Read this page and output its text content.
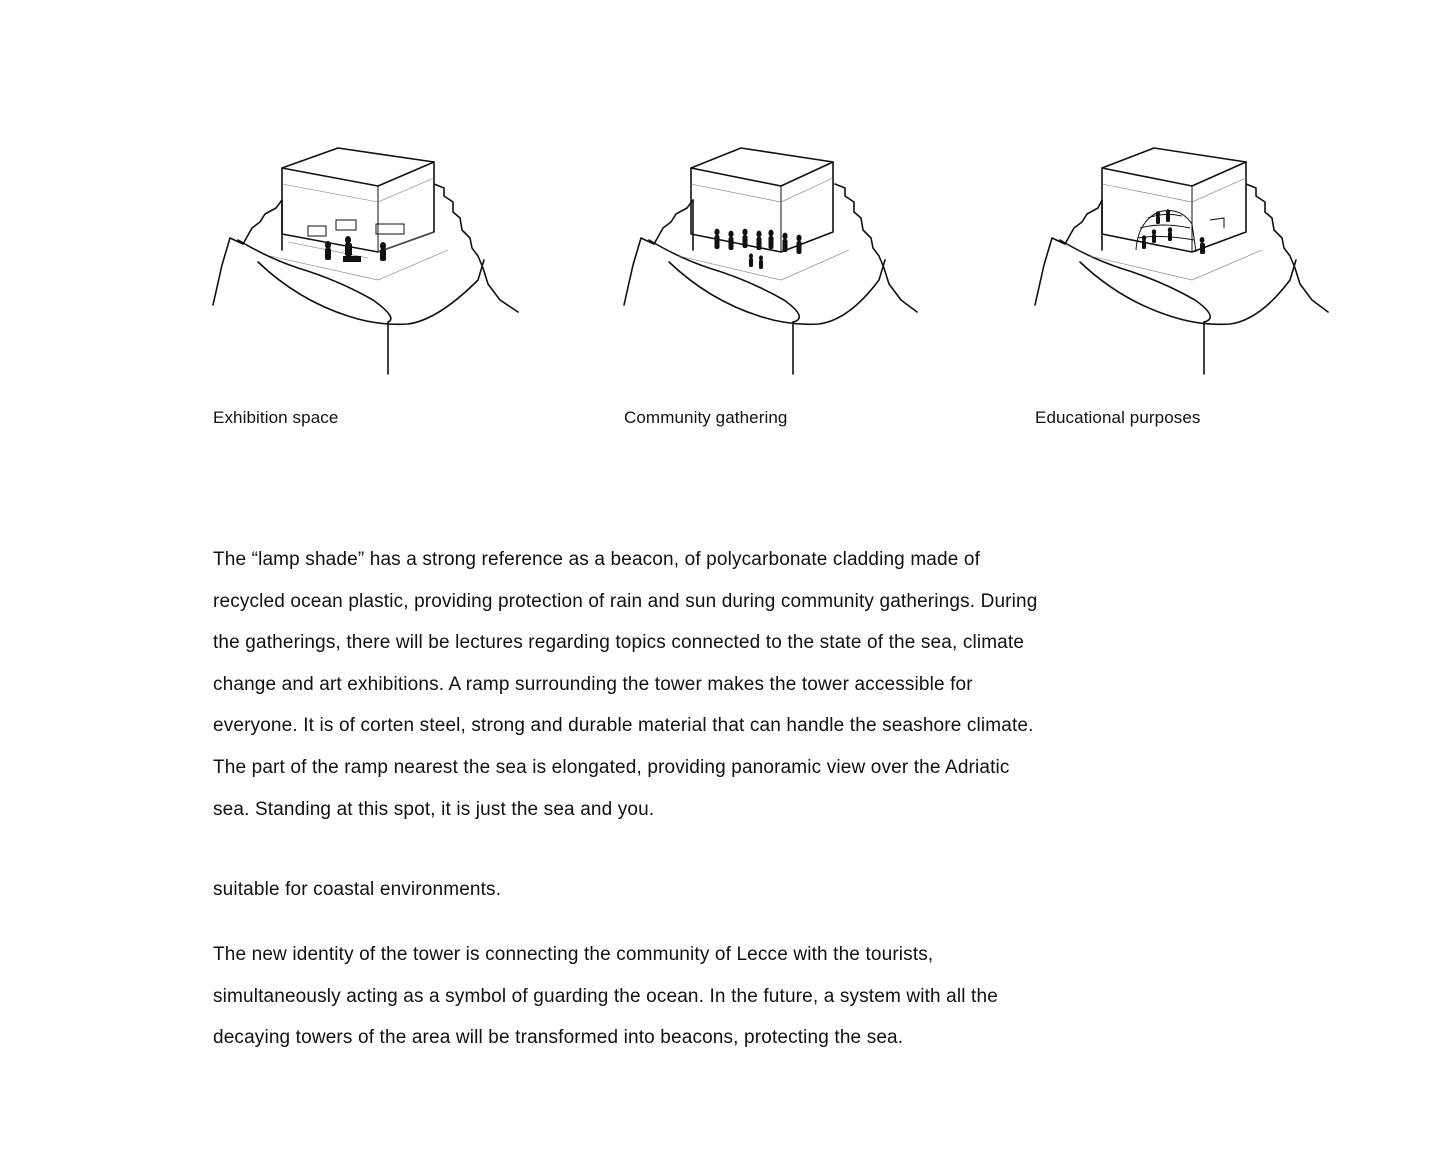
Exhibition space	Community gathering	Educational purposes

The “lamp shade” has a strong reference as a beacon, of polycarbonate cladding made of recycled ocean plastic, providing protection of rain and sun during community gatherings. During the gatherings, there will be lectures regarding topics connected to the state of the sea, climate change and art exhibitions. A ramp surrounding the tower makes the tower accessible for everyone. It is of corten steel, strong and durable material that can handle the seashore climate. The part of the ramp nearest the sea is elongated, providing panoramic view over the Adriatic sea. Standing at this spot, it is just the sea and you.

suitable for coastal environments.

The new identity of the tower is connecting the community of Lecce with the tourists, simultaneously acting as a symbol of guarding the ocean. In the future, a system with all the decaying towers of the area will be transformed into beacons, protecting the sea.
